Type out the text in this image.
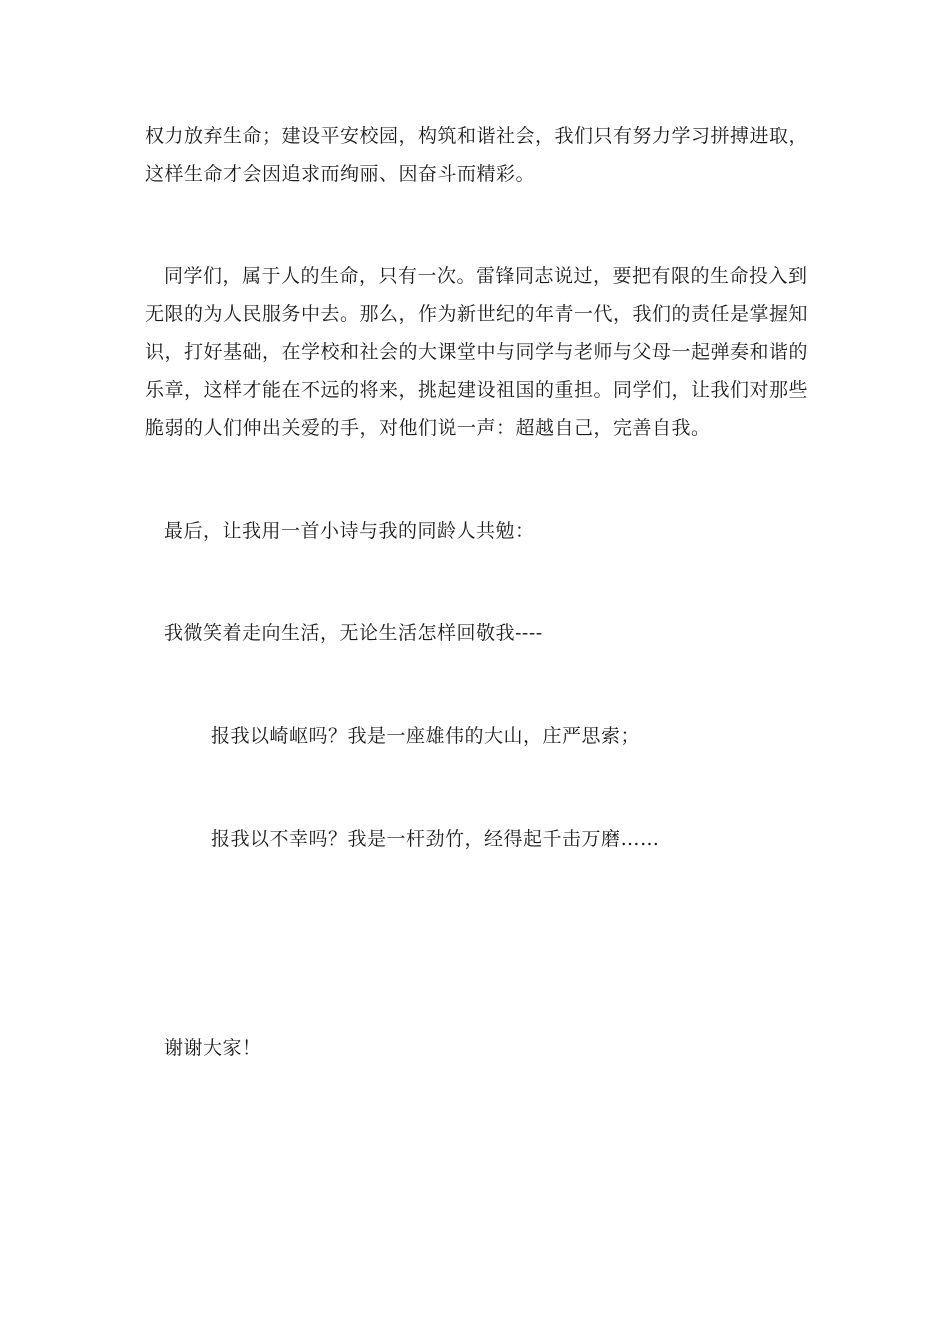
权力放弃生命；建设平安校园，构筑和谐社会，我们只有努力学习拼搏进取，
这样生命才会因追求而绚丽、因奋斗而精彩。
同学们，属于人的生命，只有一次。雷锋同志说过，要把有限的生命投入到
无限的为人民服务中去。那么，作为新世纪的年青一代，我们的责任是掌握知
识，打好基础，在学校和社会的大课堂中与同学与老师与父母一起弹奏和谐的
乐章，这样才能在不远的将来，挑起建设祖国的重担。同学们，让我们对那些
脆弱的人们伸出关爱的手，对他们说一声：超越自己，完善自我。
最后，让我用一首小诗与我的同龄人共勉：
我微笑着走向生活，无论生活怎样回敬我----
报我以崎岖吗？我是一座雄伟的大山，庄严思索；
报我以不幸吗？我是一杆劲竹，经得起千击万磨……
谢谢大家！
